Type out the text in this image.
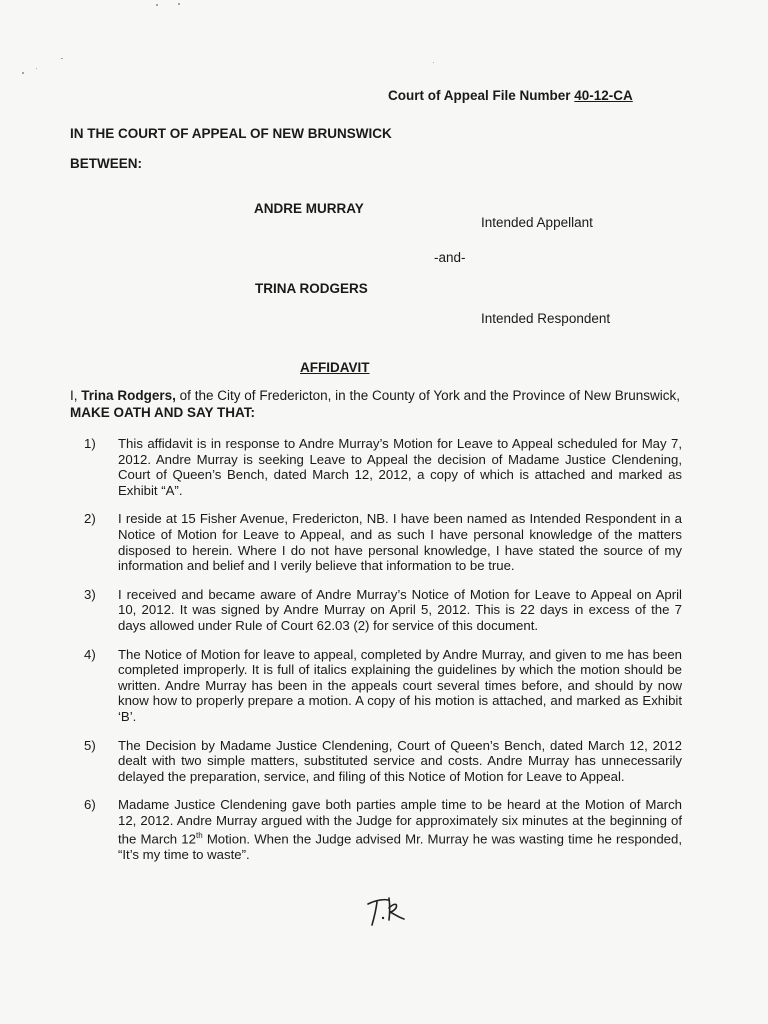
Court of Appeal File Number 40-12-CA
IN THE COURT OF APPEAL OF NEW BRUNSWICK
BETWEEN:
ANDRE MURRAY
Intended Appellant
-and-
TRINA RODGERS
Intended Respondent
AFFIDAVIT
I, Trina Rodgers, of the City of Fredericton, in the County of York and the Province of New Brunswick, MAKE OATH AND SAY THAT:
1)	This affidavit is in response to Andre Murray’s Motion for Leave to Appeal scheduled for May 7, 2012. Andre Murray is seeking Leave to Appeal the decision of Madame Justice Clendening, Court of Queen’s Bench, dated March 12, 2012, a copy of which is attached and marked as Exhibit “A”.
2)	I reside at 15 Fisher Avenue, Fredericton, NB. I have been named as Intended Respondent in a Notice of Motion for Leave to Appeal, and as such I have personal knowledge of the matters disposed to herein. Where I do not have personal knowledge, I have stated the source of my information and belief and I verily believe that information to be true.
3)	I received and became aware of Andre Murray’s Notice of Motion for Leave to Appeal on April 10, 2012. It was signed by Andre Murray on April 5, 2012. This is 22 days in excess of the 7 days allowed under Rule of Court 62.03 (2) for service of this document.
4)	The Notice of Motion for leave to appeal, completed by Andre Murray, and given to me has been completed improperly. It is full of italics explaining the guidelines by which the motion should be written. Andre Murray has been in the appeals court several times before, and should by now know how to properly prepare a motion. A copy of his motion is attached, and marked as Exhibit ‘B’.
5)	The Decision by Madame Justice Clendening, Court of Queen’s Bench, dated March 12, 2012 dealt with two simple matters, substituted service and costs. Andre Murray has unnecessarily delayed the preparation, service, and filing of this Notice of Motion for Leave to Appeal.
6)	Madame Justice Clendening gave both parties ample time to be heard at the Motion of March 12, 2012. Andre Murray argued with the Judge for approximately six minutes at the beginning of the March 12th Motion. When the Judge advised Mr. Murray he was wasting time he responded, “It’s my time to waste”.
